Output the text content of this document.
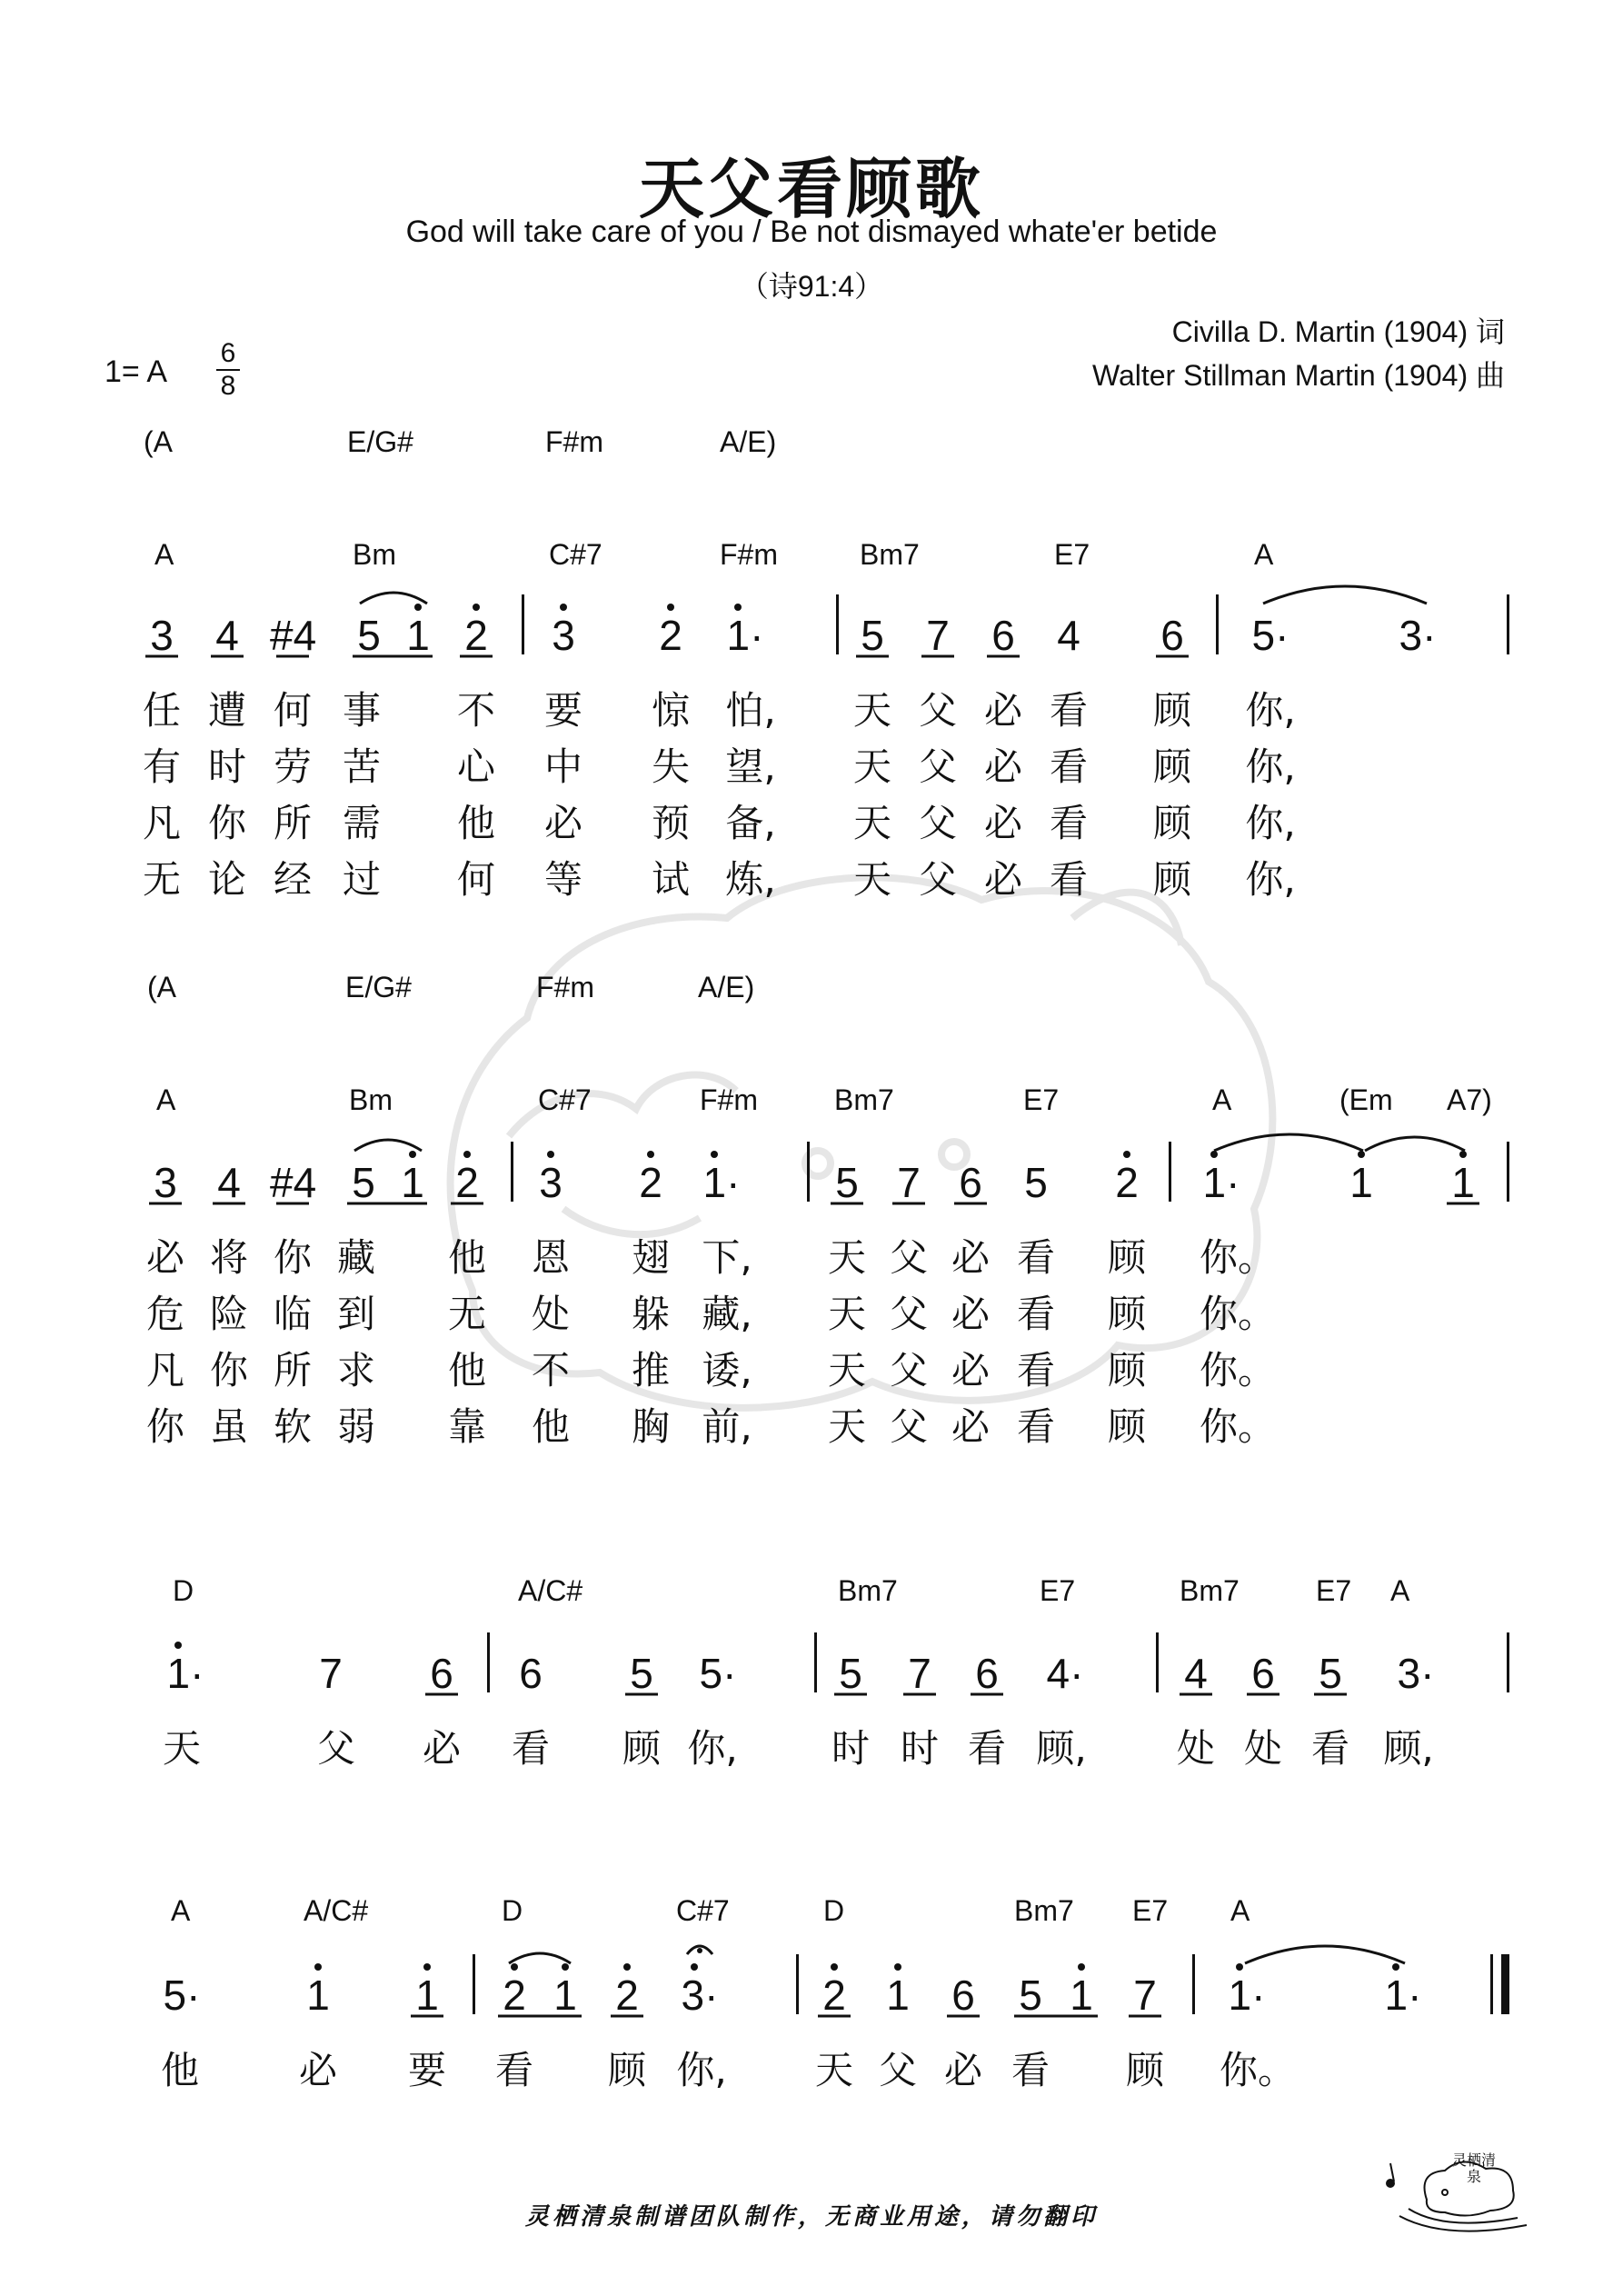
天父看顾歌
God will take care of you / Be not dismayed whate'er betide
（诗91:4）
Civilla D. Martin (1904) 词
Walter Stillman Martin (1904) 曲
1= A
6
8
(A	E/G#	F#m	A/E)
A	Bm	C#7	F#m	Bm7	E7	A
3 4 #4 5 1 2 3 2 1· 5 7 6 4 6 5·	3·
任 遭 何 事 不 要 惊 怕, 天 父 必 看 顾 你,
有 时 劳 苦 心 中 失 望, 天 父 必 看 顾 你,
凡 你 所 需 他 必 预 备, 天 父 必 看 顾 你,
无 论 经 过 何 等 试 炼, 天 父 必 看 顾 你,
(A	E/G#	F#m	A/E)
A	Bm	C#7	F#m	Bm7	E7	A	(Em A7)
3 4 #4 5 1 2 3 2 1· 5 7 6 5 2 1·	1 1
必 将 你 藏 他 恩 翅 下, 天 父 必 看 顾 你。
危 险 临 到 无 处 躲 藏, 天 父 必 看 顾 你。
凡 你 所 求 他 不 推 诿, 天 父 必 看 顾 你。
你 虽 软 弱 靠 他 胸 前, 天 父 必 看 顾 你。
D	A/C#	Bm7	E7	Bm7	E7 A
1·	7 6 6 5 5· 5 7 6 4· 4 6 5 3·
天	父 必 看 顾 你, 时 时 看 顾, 处 处 看 顾,
A	A/C#	D	C#7	D	Bm7 E7 A
5·	1 1 2 1 2 3· 2 1 6 5 1 7 1·	1·
他	必 要 看 顾 你, 天 父 必 看 顾 你。
灵栖清泉制谱团队制作，无商业用途，请勿翻印
灵栖清泉
